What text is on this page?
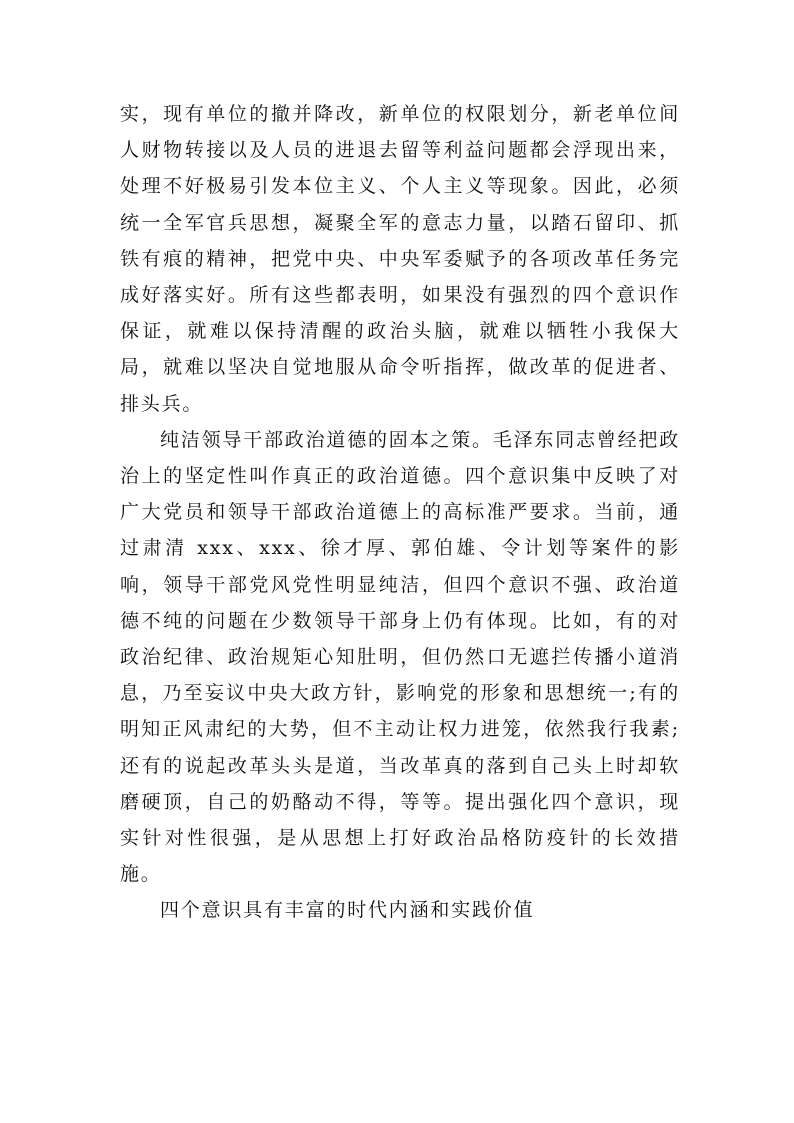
实，现有单位的撤并降改，新单位的权限划分，新老单位间人财物转接以及人员的进退去留等利益问题都会浮现出来，处理不好极易引发本位主义、个人主义等现象。因此，必须统一全军官兵思想，凝聚全军的意志力量，以踏石留印、抓铁有痕的精神，把党中央、中央军委赋予的各项改革任务完成好落实好。所有这些都表明，如果没有强烈的四个意识作保证，就难以保持清醒的政治头脑，就难以牺牲小我保大局，就难以坚决自觉地服从命令听指挥，做改革的促进者、排头兵。

纯洁领导干部政治道德的固本之策。毛泽东同志曾经把政治上的坚定性叫作真正的政治道德。四个意识集中反映了对广大党员和领导干部政治道德上的高标准严要求。当前，通过肃清 xxx、xxx、徐才厚、郭伯雄、令计划等案件的影响，领导干部党风党性明显纯洁，但四个意识不强、政治道德不纯的问题在少数领导干部身上仍有体现。比如，有的对政治纪律、政治规矩心知肚明，但仍然口无遮拦传播小道消息，乃至妄议中央大政方针，影响党的形象和思想统一;有的明知正风肃纪的大势，但不主动让权力进笼，依然我行我素;还有的说起改革头头是道，当改革真的落到自己头上时却软磨硬顶，自己的奶酪动不得，等等。提出强化四个意识，现实针对性很强，是从思想上打好政治品格防疫针的长效措施。

四个意识具有丰富的时代内涵和实践价值
